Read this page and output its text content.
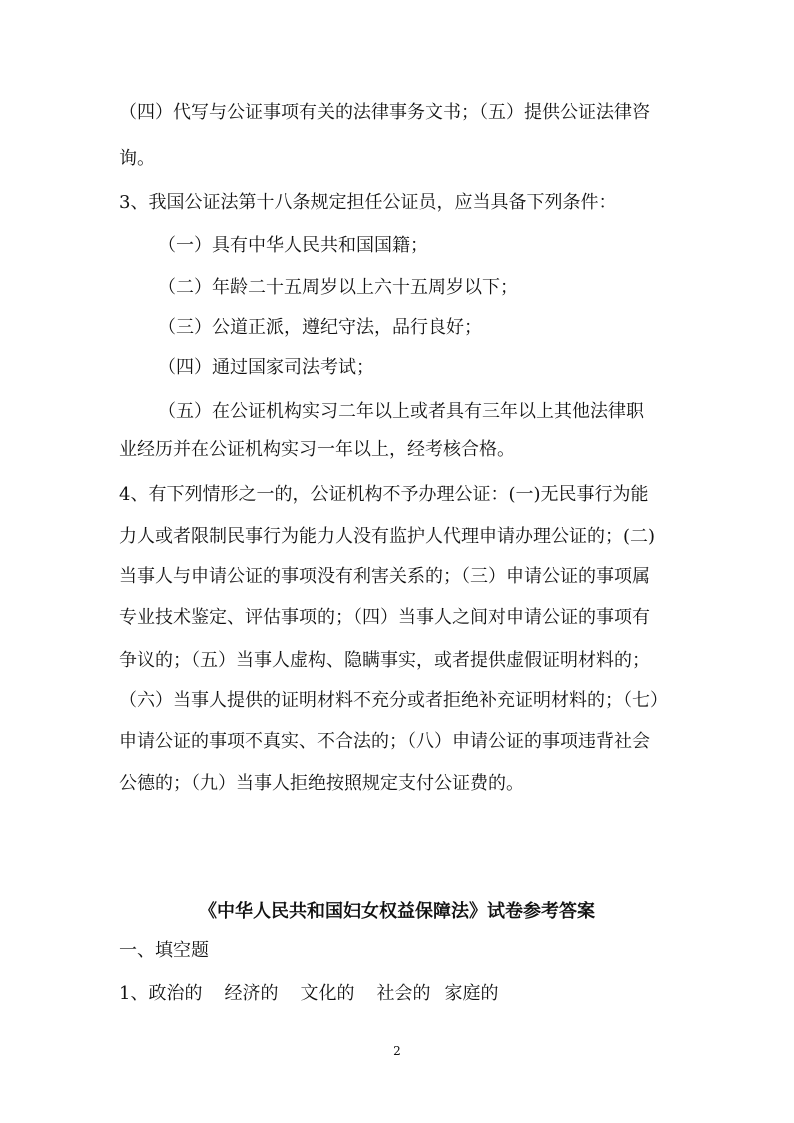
（四）代写与公证事项有关的法律事务文书；（五）提供公证法律咨
询。
3、我国公证法第十八条规定担任公证员，应当具备下列条件：
（一）具有中华人民共和国国籍；
（二）年龄二十五周岁以上六十五周岁以下；
（三）公道正派，遵纪守法，品行良好；
（四）通过国家司法考试；
（五）在公证机构实习二年以上或者具有三年以上其他法律职
业经历并在公证机构实习一年以上，经考核合格。
4、有下列情形之一的，公证机构不予办理公证：(一)无民事行为能
力人或者限制民事行为能力人没有监护人代理申请办理公证的；(二)
当事人与申请公证的事项没有利害关系的；（三）申请公证的事项属
专业技术鉴定、评估事项的；（四）当事人之间对申请公证的事项有
争议的；（五）当事人虚构、隐瞒事实，或者提供虚假证明材料的；
（六）当事人提供的证明材料不充分或者拒绝补充证明材料的；（七）
申请公证的事项不真实、不合法的；（八）申请公证的事项违背社会
公德的；（九）当事人拒绝按照规定支付公证费的。
《中华人民共和国妇女权益保障法》试卷参考答案
一、填空题
1、政治的 经济的 文化的 社会的 家庭的
2
